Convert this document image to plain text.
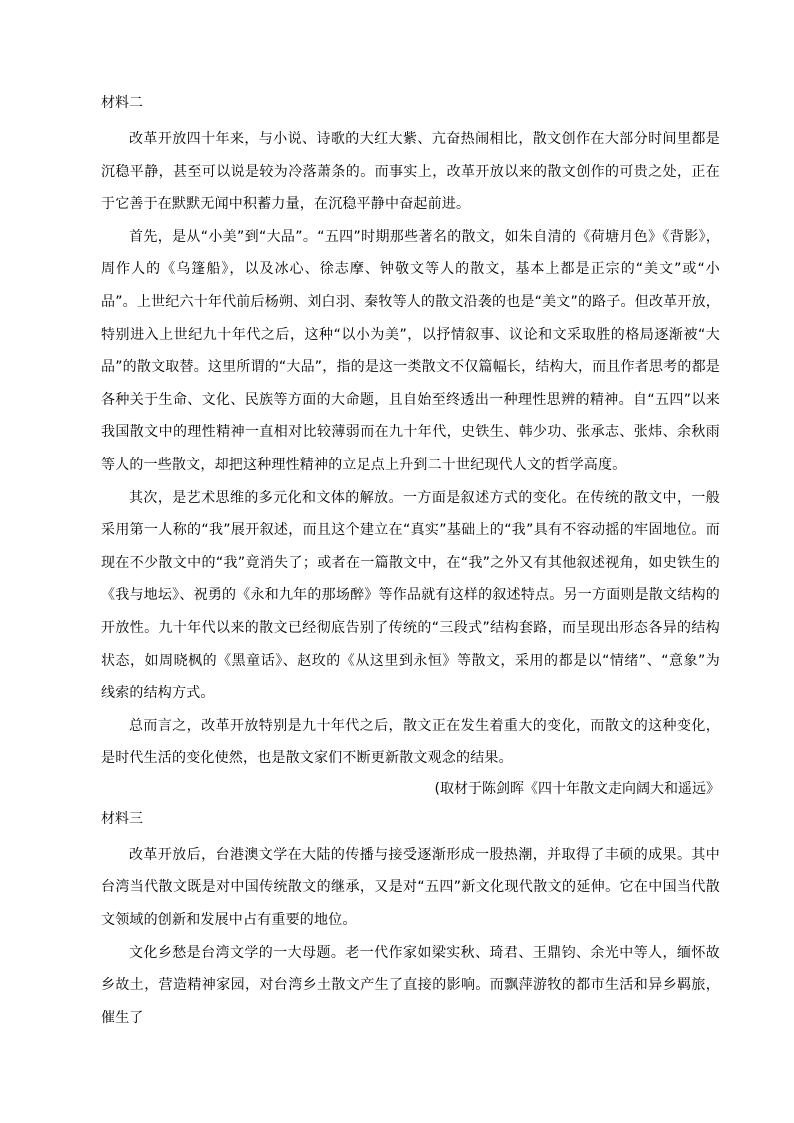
材料二

改革开放四十年来，与小说、诗歌的大红大紫、亢奋热闹相比，散文创作在大部分时间里都是沉稳平静，甚至可以说是较为冷落萧条的。而事实上，改革开放以来的散文创作的可贵之处，正在于它善于在默默无闻中积蓄力量，在沉稳平静中奋起前进。

首先，是从“小美”到“大品”。“五四”时期那些著名的散文，如朱自清的《荷塘月色》《背影》，周作人的《乌篷船》，以及冰心、徐志摩、钟敬文等人的散文，基本上都是正宗的“美文”或“小品”。上世纪六十年代前后杨朔、刘白羽、秦牧等人的散文沿袭的也是“美文”的路子。但改革开放，特别进入上世纪九十年代之后，这种“以小为美”，以抒情叙事、议论和文采取胜的格局逐渐被“大品”的散文取替。这里所谓的“大品”，指的是这一类散文不仅篇幅长，结构大，而且作者思考的都是各种关于生命、文化、民族等方面的大命题，且自始至终透出一种理性思辨的精神。自“五四”以来我国散文中的理性精神一直相对比较薄弱而在九十年代，史铁生、韩少功、张承志、张炜、余秋雨等人的一些散文，却把这种理性精神的立足点上升到二十世纪现代人文的哲学高度。

其次，是艺术思维的多元化和文体的解放。一方面是叙述方式的变化。在传统的散文中，一般采用第一人称的“我”展开叙述，而且这个建立在“真实”基础上的“我”具有不容动摇的牢固地位。而现在不少散文中的“我”竟消失了；或者在一篇散文中，在“我”之外又有其他叙述视角，如史铁生的《我与地坛》、祝勇的《永和九年的那场醉》等作品就有这样的叙述特点。另一方面则是散文结构的开放性。九十年代以来的散文已经彻底告别了传统的“三段式”结构套路，而呈现出形态各异的结构状态，如周晓枫的《黑童话》、赵玫的《从这里到永恒》等散文，采用的都是以“情绪”、“意象”为线索的结构方式。

总而言之，改革开放特别是九十年代之后，散文正在发生着重大的变化，而散文的这种变化，是时代生活的变化使然，也是散文家们不断更新散文观念的结果。

(取材于陈剑晖《四十年散文走向阔大和遥远》

材料三

改革开放后，台港澳文学在大陆的传播与接受逐渐形成一股热潮，并取得了丰硕的成果。其中台湾当代散文既是对中国传统散文的继承，又是对“五四”新文化现代散文的延伸。它在中国当代散文领域的创新和发展中占有重要的地位。

文化乡愁是台湾文学的一大母题。老一代作家如梁实秋、琦君、王鼎钧、余光中等人，缅怀故乡故土，营造精神家园，对台湾乡土散文产生了直接的影响。而飘萍游牧的都市生活和异乡羁旅，催生了
